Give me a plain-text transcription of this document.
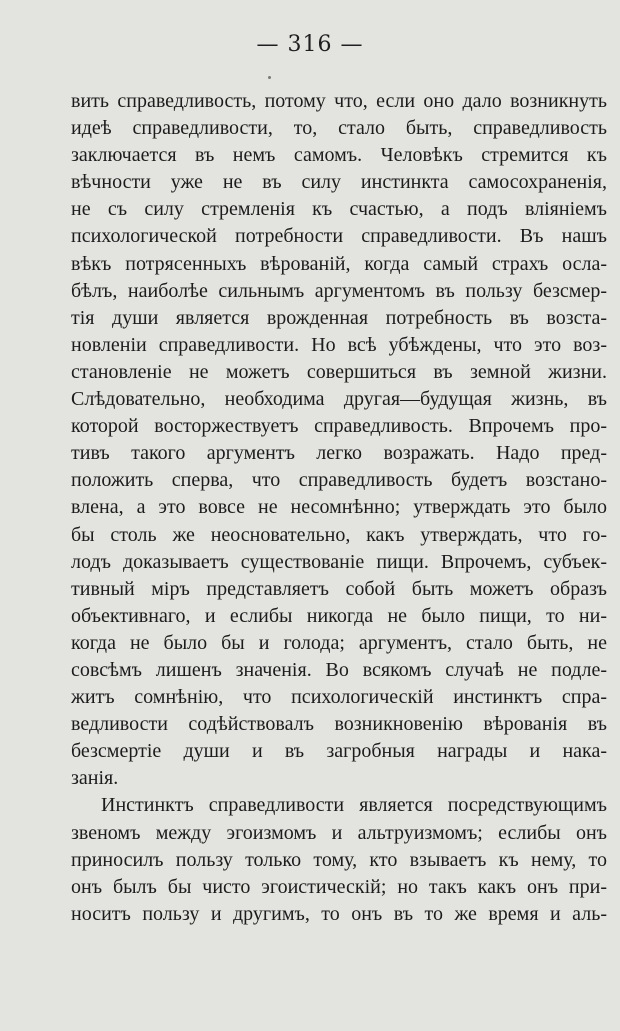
— 316 —
вить справедливость, потому что, если оно дало возникнуть
идеѣ справедливости, то, стало быть, справедливость
заключается въ немъ самомъ. Человѣкъ стремится къ
вѣчности уже не въ силу инстинкта самосохраненія,
не съ силу стремленія къ счастью, а подъ вліяніемъ
психологической потребности справедливости. Въ нашъ
вѣкъ потрясенныхъ вѣрованій, когда самый страхъ осла-
бѣлъ, наиболѣе сильнымъ аргументомъ въ пользу безсмер-
тія души является врожденная потребность въ возста-
новленіи справедливости. Но всѣ убѣждены, что это воз-
становленіе не можетъ совершиться въ земной жизни.
Слѣдовательно, необходима другая—будущая жизнь, въ
которой восторжествуетъ справедливость. Впрочемъ про-
тивъ такого аргументъ легко возражать. Надо пред-
положить сперва, что справедливость будетъ возстано-
влена, а это вовсе не несомнѣнно; утверждать это было
бы столь же неосновательно, какъ утверждать, что го-
лодъ доказываетъ существованіе пищи. Впрочемъ, субъек-
тивный міръ представляетъ собой быть можетъ образъ
объективнаго, и еслибы никогда не было пищи, то ни-
когда не было бы и голода; аргументъ, стало быть, не
совсѣмъ лишенъ значенія. Во всякомъ случаѣ не подле-
житъ сомнѣнію, что психологическій инстинктъ спра-
ведливости содѣйствовалъ возникновенію вѣрованія въ
безсмертіе души и въ загробныя награды и нака-
занія.
Инстинктъ справедливости является посредствующимъ
звеномъ между эгоизмомъ и альтруизмомъ; еслибы онъ
приносилъ пользу только тому, кто взываетъ къ нему, то
онъ былъ бы чисто эгоистическій; но такъ какъ онъ при-
носитъ пользу и другимъ, то онъ въ то же время и аль-
